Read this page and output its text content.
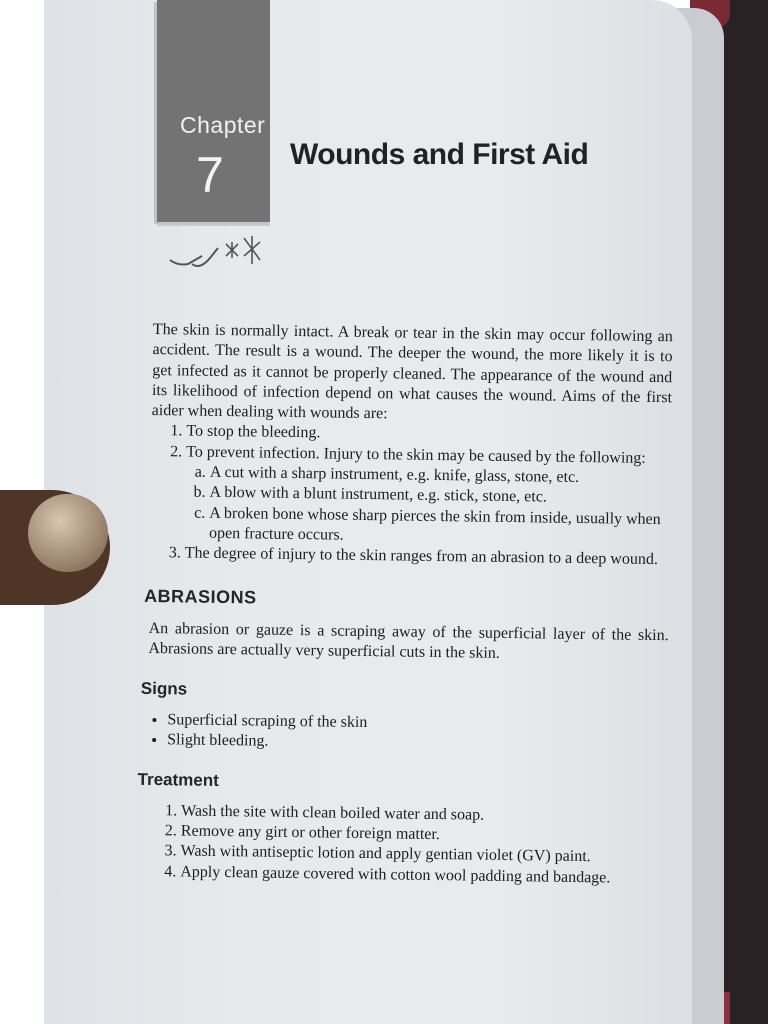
Chapter
7 Wounds and First Aid

The skin is normally intact. A break or tear in the skin may occur following an accident. The result is a wound. The deeper the wound, the more likely it is to get infected as it cannot be properly cleaned. The appearance of the wound and its likelihood of infection depend on what causes the wound. Aims of the first aider when dealing with wounds are:

1. To stop the bleeding.
2. To prevent infection. Injury to the skin may be caused by the following:
a. A cut with a sharp instrument, e.g. knife, glass, stone, etc.
b. A blow with a blunt instrument, e.g. stick, stone, etc.
c. A broken bone whose sharp pierces the skin from inside, usually when open fracture occurs.
3. The degree of injury to the skin ranges from an abrasion to a deep wound.
ABRASIONS

An abrasion or gauze is a scraping away of the superficial layer of the skin. Abrasions are actually very superficial cuts in the skin.

Signs
• Superficial scraping of the skin
• Slight bleeding.
Treatment
1. Wash the site with clean boiled water and soap.
2. Remove any girt or other foreign matter.
3. Wash with antiseptic lotion and apply gentian violet (GV) paint.
4. Apply clean gauze covered with cotton wool padding and bandage.
